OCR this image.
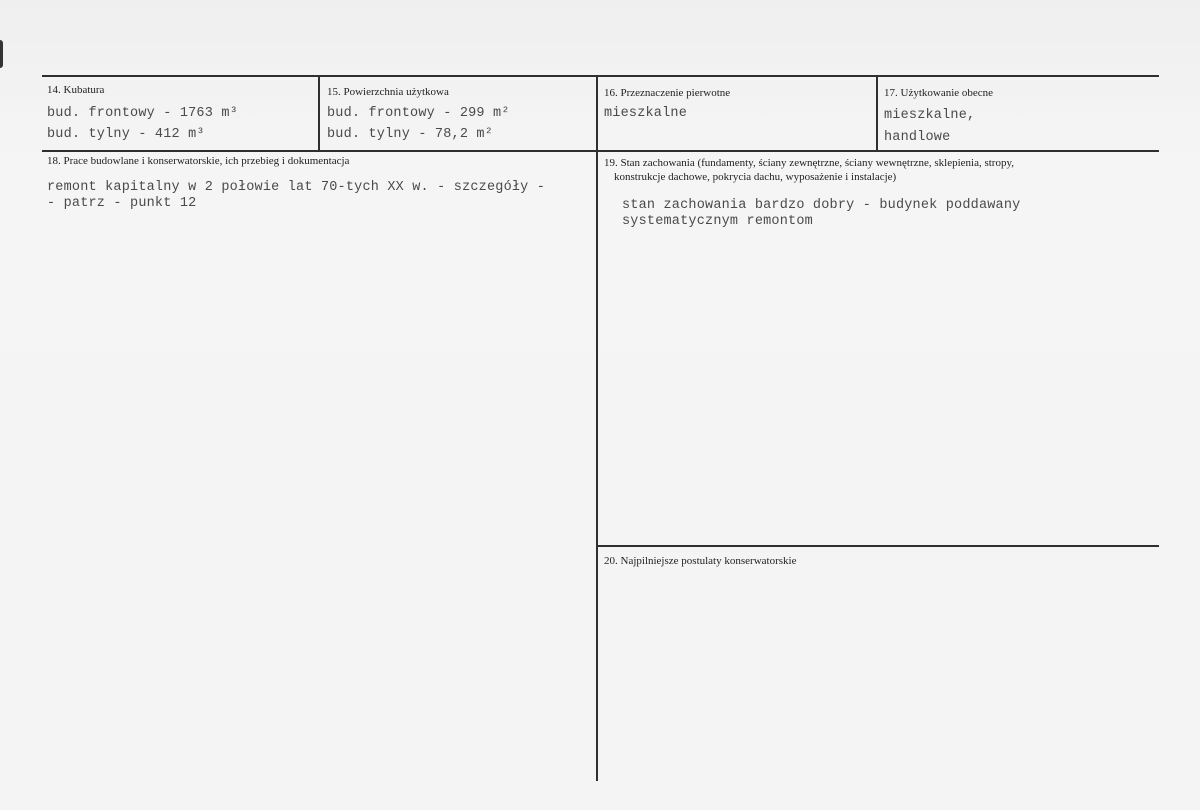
14. Kubatura
bud. frontowy - 1763 m³
bud. tylny - 412 m³
15. Powierzchnia użytkowa
bud. frontowy - 299 m²
bud. tylny - 78,2 m²
16. Przeznaczenie pierwotne
mieszkalne
17. Użytkowanie obecne
mieszkalne,
handlowe
18. Prace budowlane i konserwatorskie, ich przebieg i dokumentacja
remont kapitalny w 2 połowie lat 70-tych XX w. - szczegóły -
- patrz - punkt 12
19. Stan zachowania (fundamenty, ściany zewnętrzne, ściany wewnętrzne, sklepienia, stropy,
konstrukcje dachowe, pokrycia dachu, wyposażenie i instalacje)
stan zachowania bardzo dobry - budynek poddawany
systematycznym remontom
20. Najpilniejsze postulaty konserwatorskie
